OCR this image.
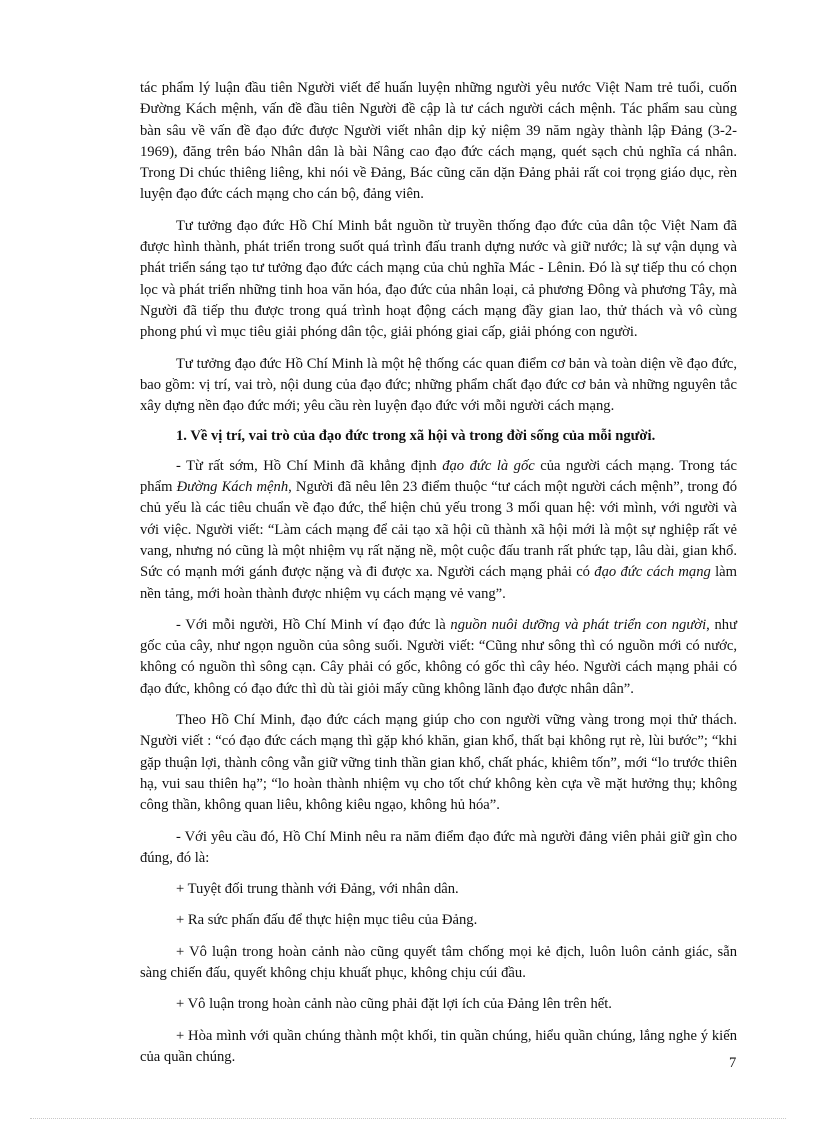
tác phẩm lý luận đầu tiên Người viết để huấn luyện những người yêu nước Việt Nam trẻ tuổi, cuốn Đường Kách mệnh, vấn đề đầu tiên Người đề cập là tư cách người cách mệnh. Tác phẩm sau cùng bàn sâu về vấn đề đạo đức được Người viết nhân dịp kỷ niệm 39 năm ngày thành lập Đảng (3-2-1969), đăng trên báo Nhân dân là bài Nâng cao đạo đức cách mạng, quét sạch chủ nghĩa cá nhân. Trong Di chúc thiêng liêng, khi nói về Đảng, Bác cũng căn dặn Đảng phải rất coi trọng giáo dục, rèn luyện đạo đức cách mạng cho cán bộ, đảng viên.

Tư tưởng đạo đức Hồ Chí Minh bắt nguồn từ truyền thống đạo đức của dân tộc Việt Nam đã được hình thành, phát triển trong suốt quá trình đấu tranh dựng nước và giữ nước; là sự vận dụng và phát triển sáng tạo tư tưởng đạo đức cách mạng của chủ nghĩa Mác - Lênin. Đó là sự tiếp thu có chọn lọc và phát triển những tinh hoa văn hóa, đạo đức của nhân loại, cả phương Đông và phương Tây, mà Người đã tiếp thu được trong quá trình hoạt động cách mạng đầy gian lao, thử thách và vô cùng phong phú vì mục tiêu giải phóng dân tộc, giải phóng giai cấp, giải phóng con người.

Tư tưởng đạo đức Hồ Chí Minh là một hệ thống các quan điểm cơ bản và toàn diện về đạo đức, bao gồm: vị trí, vai trò, nội dung của đạo đức; những phẩm chất đạo đức cơ bản và những nguyên tắc xây dựng nền đạo đức mới; yêu cầu rèn luyện đạo đức với mỗi người cách mạng.

1. Về vị trí, vai trò của đạo đức trong xã hội và trong đời sống của mỗi người.

- Từ rất sớm, Hồ Chí Minh đã khẳng định đạo đức là gốc của người cách mạng. Trong tác phẩm Đường Kách mệnh, Người đã nêu lên 23 điểm thuộc “tư cách một người cách mệnh”, trong đó chủ yếu là các tiêu chuẩn về đạo đức, thể hiện chủ yếu trong 3 mối quan hệ: với mình, với người và với việc. Người viết: “Làm cách mạng để cải tạo xã hội cũ thành xã hội mới là một sự nghiệp rất vẻ vang, nhưng nó cũng là một nhiệm vụ rất nặng nề, một cuộc đấu tranh rất phức tạp, lâu dài, gian khổ. Sức có mạnh mới gánh được nặng và đi được xa. Người cách mạng phải có đạo đức cách mạng làm nền tảng, mới hoàn thành được nhiệm vụ cách mạng vẻ vang”.

- Với mỗi người, Hồ Chí Minh ví đạo đức là nguồn nuôi dưỡng và phát triển con người, như gốc của cây, như ngọn nguồn của sông suối. Người viết: “Cũng như sông thì có nguồn mới có nước, không có nguồn thì sông cạn. Cây phải có gốc, không có gốc thì cây héo. Người cách mạng phải có đạo đức, không có đạo đức thì dù tài giỏi mấy cũng không lãnh đạo được nhân dân”.

Theo Hồ Chí Minh, đạo đức cách mạng giúp cho con người vững vàng trong mọi thử thách. Người viết : “có đạo đức cách mạng thì gặp khó khăn, gian khổ, thất bại không rụt rè, lùi bước”; “khi gặp thuận lợi, thành công vẫn giữ vững tinh thần gian khổ, chất phác, khiêm tốn”, mới “lo trước thiên hạ, vui sau thiên hạ”; “lo hoàn thành nhiệm vụ cho tốt chứ không kèn cựa về mặt hưởng thụ; không công thần, không quan liêu, không kiêu ngạo, không hủ hóa”.

- Với yêu cầu đó, Hồ Chí Minh nêu ra năm điểm đạo đức mà người đảng viên phải giữ gìn cho đúng, đó là:

+ Tuyệt đối trung thành với Đảng, với nhân dân.

+ Ra sức phấn đấu để thực hiện mục tiêu của Đảng.

+ Vô luận trong hoàn cảnh nào cũng quyết tâm chống mọi kẻ địch, luôn luôn cảnh giác, sẵn sàng chiến đấu, quyết không chịu khuất phục, không chịu cúi đầu.

+ Vô luận trong hoàn cảnh nào cũng phải đặt lợi ích của Đảng lên trên hết.

+ Hòa mình với quần chúng thành một khối, tin quần chúng, hiểu quần chúng, lắng nghe ý kiến của quần chúng.	7
